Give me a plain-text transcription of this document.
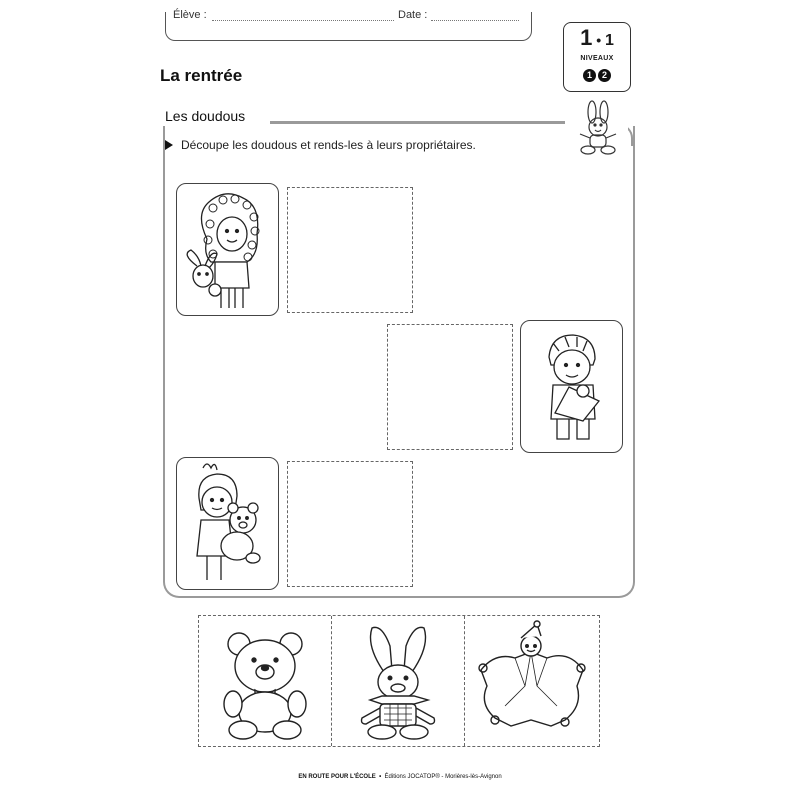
Élève :	Date :
La rentrée
1 • 1
NIVEAUX
1 2
Les doudous
Découpe les doudous et rends-les à leurs propriétaires.
EN ROUTE POUR L'ÉCOLE • Éditions JOCATOP® - Morières-lès-Avignon
